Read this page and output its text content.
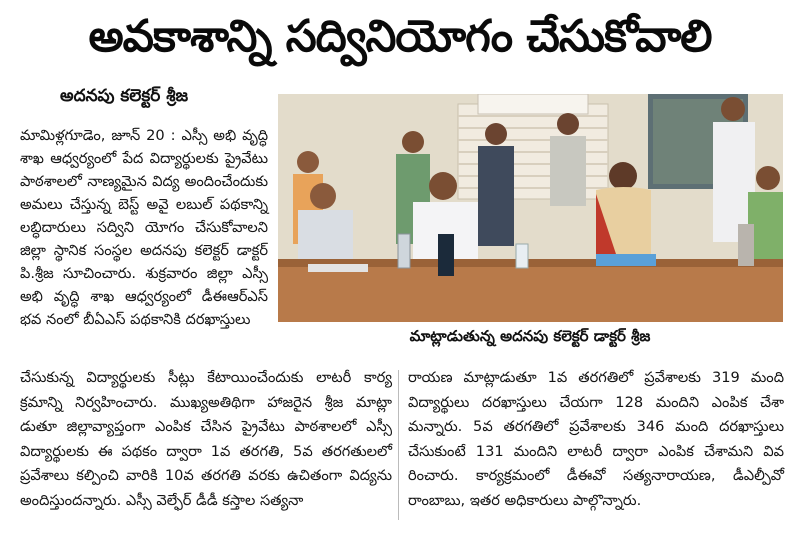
అవకాశాన్ని సద్వినియోగం చేసుకోవాలి
అదనపు కలెక్టర్ శ్రీజ

మామిళ్లగూడెం, జూన్ 20 : ఎస్సీ అభి వృద్ధి శాఖ ఆధ్వర్యంలో పేద విద్యార్థులకు ప్రైవేటు పాఠశాలలో నాణ్యమైన విద్య అందించేందుకు అమలు చేస్తున్న బెస్ట్ అవై లబుల్ పథకాన్ని లబ్ధిదారులు సద్విని యోగం చేసుకోవాలని జిల్లా స్థానిక సంస్థల అదనపు కలెక్టర్ డాక్టర్ పి.శ్రీజ సూచించారు. శుక్రవారం జిల్లా ఎస్సీ అభి వృద్ధి శాఖ ఆధ్వర్యంలో డీఈఆర్ఎస్ భవ నంలో బీఏఎస్ పథకానికి దరఖాస్తులు

మాట్లాడుతున్న అదనపు కలెక్టర్ డాక్టర్ శ్రీజ

చేసుకున్న విద్యార్థులకు సీట్లు కేటాయించేందుకు లాటరీ కార్య క్రమాన్ని నిర్వహించారు. ముఖ్యఅతిథిగా హాజరైన శ్రీజ మాట్లా డుతూ జిల్లావ్యాప్తంగా ఎంపిక చేసిన ప్రైవేటు పాఠశాలలో ఎస్సీ విద్యార్థులకు ఈ పథకం ద్వారా 1వ తరగతి, 5వ తరగతులలో ప్రవేశాలు కల్పించి వారికి 10వ తరగతి వరకు ఉచితంగా విద్యను అందిస్తుందన్నారు. ఎస్సీ వెల్ఫేర్ డీడీ కస్తాల సత్యనా

రాయణ మాట్లాడుతూ 1వ తరగతిలో ప్రవేశాలకు 319 మంది విద్యార్థులు దరఖాస్తులు చేయగా 128 మందిని ఎంపిక చేశా మన్నారు. 5వ తరగతిలో ప్రవేశాలకు 346 మంది దరఖాస్తులు చేసుకుంటే 131 మందిని లాటరీ ద్వారా ఎంపిక చేశామని వివ రించారు. కార్యక్రమంలో డీఈవో సత్యనారాయణ, డీఎల్పీవో రాంబాబు, ఇతర అధికారులు పాల్గొన్నారు.
